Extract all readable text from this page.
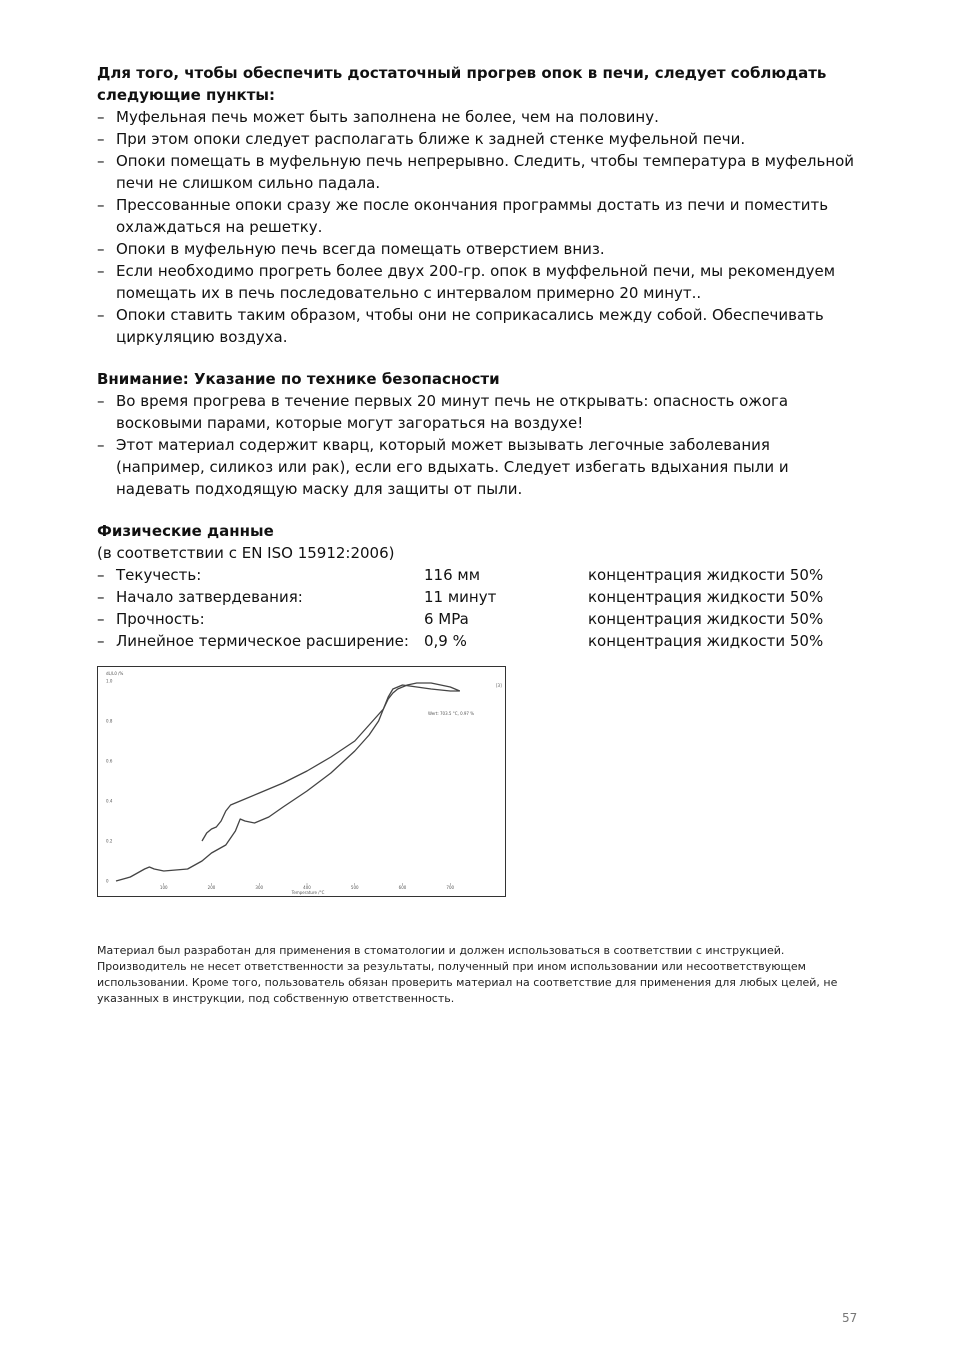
Для того, чтобы обеспечить достаточный прогрев опок в печи, следует соблюдать следующие пункты:

– Муфельная печь может быть заполнена не более, чем на половину.
– При этом опоки следует располагать ближе к задней стенке муфельной печи.
– Опоки помещать в муфельную печь непрерывно. Следить, чтобы температура в муфельной печи не слишком сильно падала.
– Прессованные опоки сразу же после окончания программы достать из печи и поместить охлаждаться на решетку.
– Опоки в муфельную печь всегда помещать отверстием вниз.
– Если необходимо прогреть более двух 200-гр. опок в муффельной печи, мы рекомендуем помещать их в печь последовательно с интервалом примерно 20 минут..
– Опоки ставить таким образом, чтобы они не соприкасались между собой. Обеспечивать циркуляцию воздуха.

Внимание: Указание по технике безопасности

– Во время прогрева в течение первых 20 минут печь не открывать: опасность ожога восковыми парами, которые могут загораться на воздухе!
– Этот материал содержит кварц, который может вызывать легочные заболевания (например, силикоз или рак), если его вдыхать. Следует избегать вдыхания пыли и надевать подходящую маску для защиты от пыли.

Физические данные

(в соответствии с EN ISO 15912:2006)

– Текучесть:	116 мм	концентрация жидкости 50%
– Начало затвердевания:	11 минут	концентрация жидкости 50%
– Прочность:	6 MPa	концентрация жидкости 50%
– Линейное термическое расширение: 0,9 %	концентрация жидкости 50%
dL/L0 /%
Temperature /°C
0
0.2
0.4
0.6
0.8
1.0
100	200	300	400	500	600	700
Wert: 703.5 °C, 0.97 %
[3]

Материал был разработан для применения в стоматологии и должен использоваться в соответствии с инструкцией. Производитель не несет ответственности за результаты, полученный при ином использовании или несоответствующем использовании. Кроме того, пользователь обязан проверить материал на соответствие для применения для любых целей, не указанных в инструкции, под собственную ответственность.

57
